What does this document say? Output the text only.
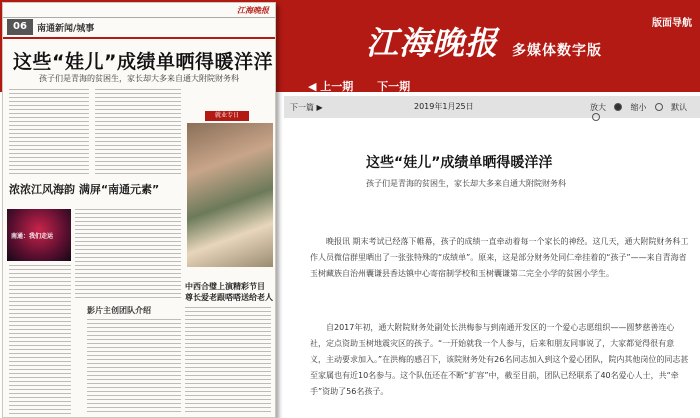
版面导航
江海晚报 多媒体数字版
◀ 上一期 下一期
江海晚报
06	南通新闻/城事
这些“娃儿”成绩单晒得暖洋洋
孩子们是青海的贫困生，家长却大多来自通大附院财务科
就业专日
浓浓江风海韵 满屏“南通元素”
南通：我们走运
影片主创团队介绍
中西合璧上演精彩节目 尊长爱老跟嗒嗒送给老人
下一篇 ▶	2019年1月25日	放大	缩小	默认
这些“娃儿”成绩单晒得暖洋洋
孩子们是青海的贫困生，家长却大多来自通大附院财务科
晚报讯 期末考试已经落下帷幕，孩子的成绩一直牵动着每一个家长的神经。这几天，通大附院财务科工作人员微信群里晒出了一张张特殊的“成绩单”。原来，这是部分财务处同仁牵挂着的“孩子”——来自青海省玉树藏族自治州囊谦县香达镇中心寄宿制学校和玉树囊谦第二完全小学的贫困小学生。
自2017年初，通大附院财务处副处长洪梅参与到南通开发区的一个爱心志愿组织——圆梦慈善连心社，定点资助玉树地震灾区的孩子。“一开始就我一个人参与，后来和朋友同事说了，大家都觉得很有意义，主动要求加入。”在洪梅的感召下，该院财务处有26名同志加入到这个爱心团队，院内其他岗位的同志甚至家属也有近10名参与。这个队伍还在不断“扩容”中，截至目前，团队已经联系了40名爱心人士，共“牵手”资助了56名孩子。
